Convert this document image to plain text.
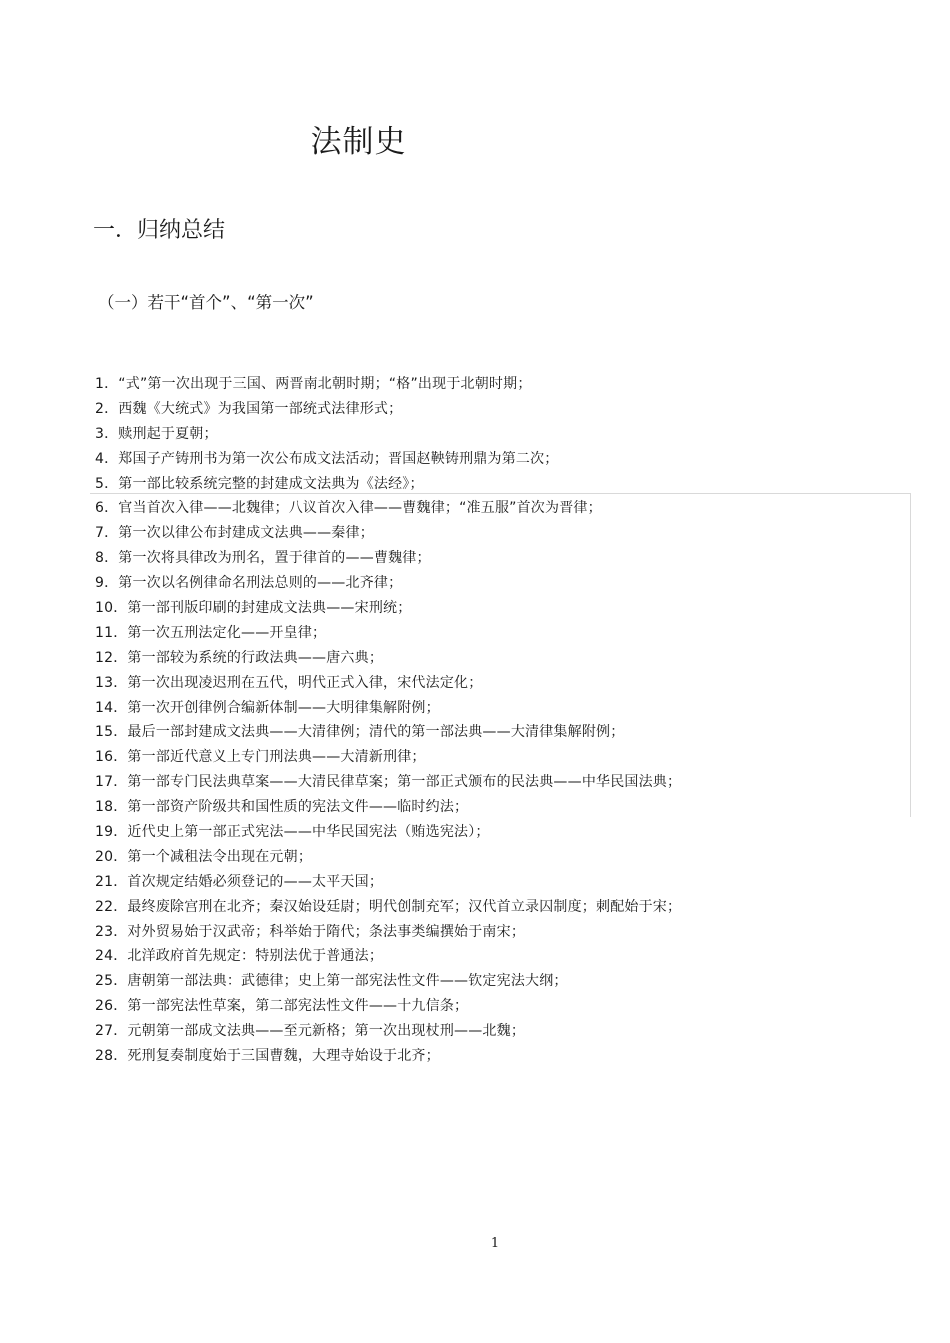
法制史
一．归纳总结
（一）若干“首个”、“第一次”
1．“式”第一次出现于三国、两晋南北朝时期；“格”出现于北朝时期；
2．西魏《大统式》为我国第一部统式法律形式；
3．赎刑起于夏朝；
4．郑国子产铸刑书为第一次公布成文法活动；晋国赵鞅铸刑鼎为第二次；
5．第一部比较系统完整的封建成文法典为《法经》；
6．官当首次入律——北魏律；八议首次入律——曹魏律；“准五服”首次为晋律；
7．第一次以律公布封建成文法典——秦律；
8．第一次将具律改为刑名，置于律首的——曹魏律；
9．第一次以名例律命名刑法总则的——北齐律；
10．第一部刊版印刷的封建成文法典——宋刑统；
11．第一次五刑法定化——开皇律；
12．第一部较为系统的行政法典——唐六典；
13．第一次出现凌迟刑在五代，明代正式入律，宋代法定化；
14．第一次开创律例合编新体制——大明律集解附例；
15．最后一部封建成文法典——大清律例；清代的第一部法典——大清律集解附例；
16．第一部近代意义上专门刑法典——大清新刑律；
17．第一部专门民法典草案——大清民律草案；第一部正式颁布的民法典——中华民国法典；
18．第一部资产阶级共和国性质的宪法文件——临时约法；
19．近代史上第一部正式宪法——中华民国宪法（贿选宪法）；
20．第一个减租法令出现在元朝；
21．首次规定结婚必须登记的——太平天国；
22．最终废除宫刑在北齐；秦汉始设廷尉；明代创制充军；汉代首立录囚制度；刺配始于宋；
23．对外贸易始于汉武帝；科举始于隋代；条法事类编撰始于南宋；
24．北洋政府首先规定：特别法优于普通法；
25．唐朝第一部法典：武德律；史上第一部宪法性文件——钦定宪法大纲；
26．第一部宪法性草案，第二部宪法性文件——十九信条；
27．元朝第一部成文法典——至元新格；第一次出现杖刑——北魏；
28．死刑复奏制度始于三国曹魏，大理寺始设于北齐；
1
